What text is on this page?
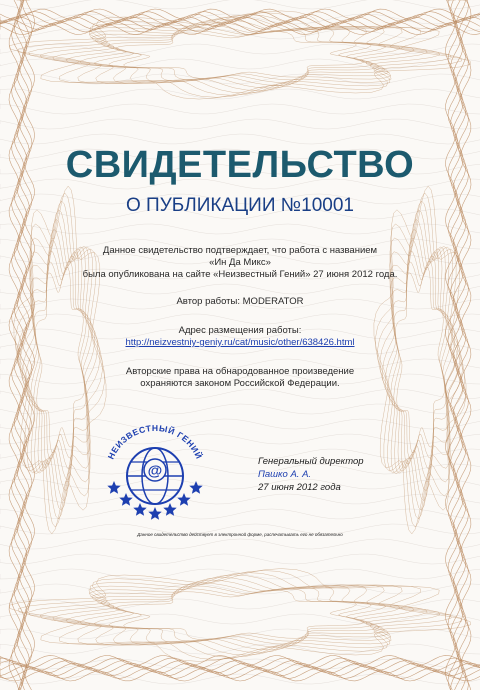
СВИДЕТЕЛЬСТВО
О ПУБЛИКАЦИИ №10001
Данное свидетельство подтверждает, что работа с названием
«Ин Да Микс»
была опубликована на сайте «Неизвестный Гений» 27 июня 2012 года.
Автор работы: MODERATOR
Адрес размещения работы:
http://neizvestniy-geniy.ru/cat/music/other/638426.html
Авторские права на обнародованное произведение
охраняются законом Российской Федерации.
НЕИЗВЕСТНЫЙ ГЕНИЙ
@
Генеральный директор
Пашко А. А.
27 июня 2012 года
Данное свидетельство действует в электронной форме, распечатывать его не обязательно
